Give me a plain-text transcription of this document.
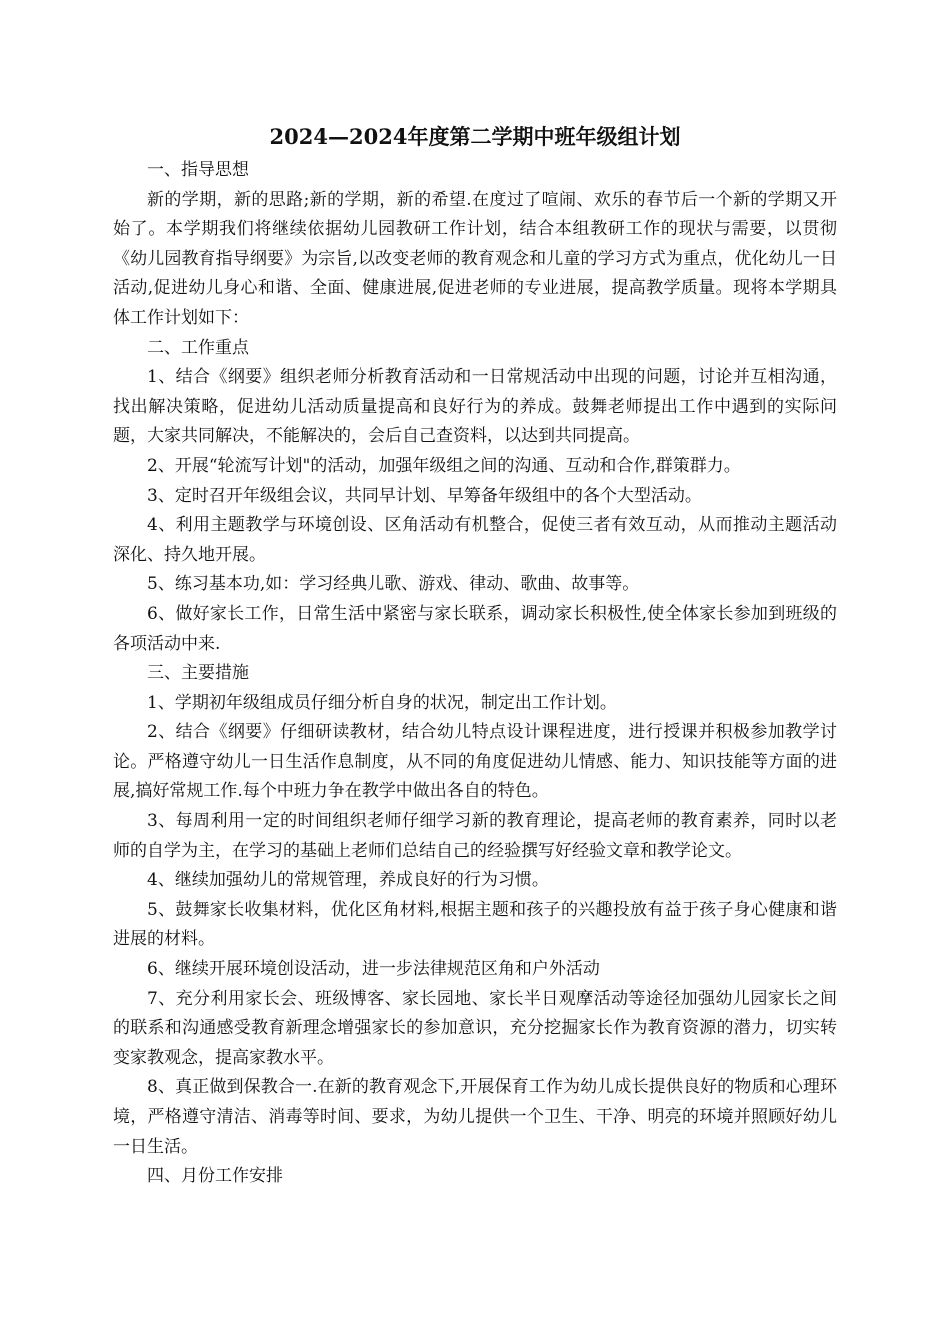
2024—2024年度第二学期中班年级组计划

一、指导思想

新的学期，新的思路;新的学期，新的希望.在度过了喧闹、欢乐的春节后一个新的学期又开始了。本学期我们将继续依据幼儿园教研工作计划，结合本组教研工作的现状与需要，以贯彻《幼儿园教育指导纲要》为宗旨,以改变老师的教育观念和儿童的学习方式为重点，优化幼儿一日活动,促进幼儿身心和谐、全面、健康进展,促进老师的专业进展，提高教学质量。现将本学期具体工作计划如下：

二、工作重点

1、结合《纲要》组织老师分析教育活动和一日常规活动中出现的问题，讨论并互相沟通，找出解决策略，促进幼儿活动质量提高和良好行为的养成。鼓舞老师提出工作中遇到的实际问题，大家共同解决，不能解决的，会后自己查资料，以达到共同提高。

2、开展“轮流写计划"的活动，加强年级组之间的沟通、互动和合作,群策群力。

3、定时召开年级组会议，共同早计划、早筹备年级组中的各个大型活动。

4、利用主题教学与环境创设、区角活动有机整合，促使三者有效互动，从而推动主题活动深化、持久地开展。

5、练习基本功,如：学习经典儿歌、游戏、律动、歌曲、故事等。

6、做好家长工作，日常生活中紧密与家长联系，调动家长积极性,使全体家长参加到班级的各项活动中来.

三、主要措施

1、学期初年级组成员仔细分析自身的状况，制定出工作计划。

2、结合《纲要》仔细研读教材，结合幼儿特点设计课程进度，进行授课并积极参加教学讨论。严格遵守幼儿一日生活作息制度，从不同的角度促进幼儿情感、能力、知识技能等方面的进展,搞好常规工作.每个中班力争在教学中做出各自的特色。

3、每周利用一定的时间组织老师仔细学习新的教育理论，提高老师的教育素养，同时以老师的自学为主，在学习的基础上老师们总结自己的经验撰写好经验文章和教学论文。

4、继续加强幼儿的常规管理，养成良好的行为习惯。

5、鼓舞家长收集材料，优化区角材料,根据主题和孩子的兴趣投放有益于孩子身心健康和谐进展的材料。

6、继续开展环境创设活动，进一步法律规范区角和户外活动

7、充分利用家长会、班级博客、家长园地、家长半日观摩活动等途径加强幼儿园家长之间的联系和沟通感受教育新理念增强家长的参加意识，充分挖掘家长作为教育资源的潜力，切实转变家教观念，提高家教水平。

8、真正做到保教合一.在新的教育观念下,开展保育工作为幼儿成长提供良好的物质和心理环境，严格遵守清洁、消毒等时间、要求，为幼儿提供一个卫生、干净、明亮的环境并照顾好幼儿一日生活。

四、月份工作安排
